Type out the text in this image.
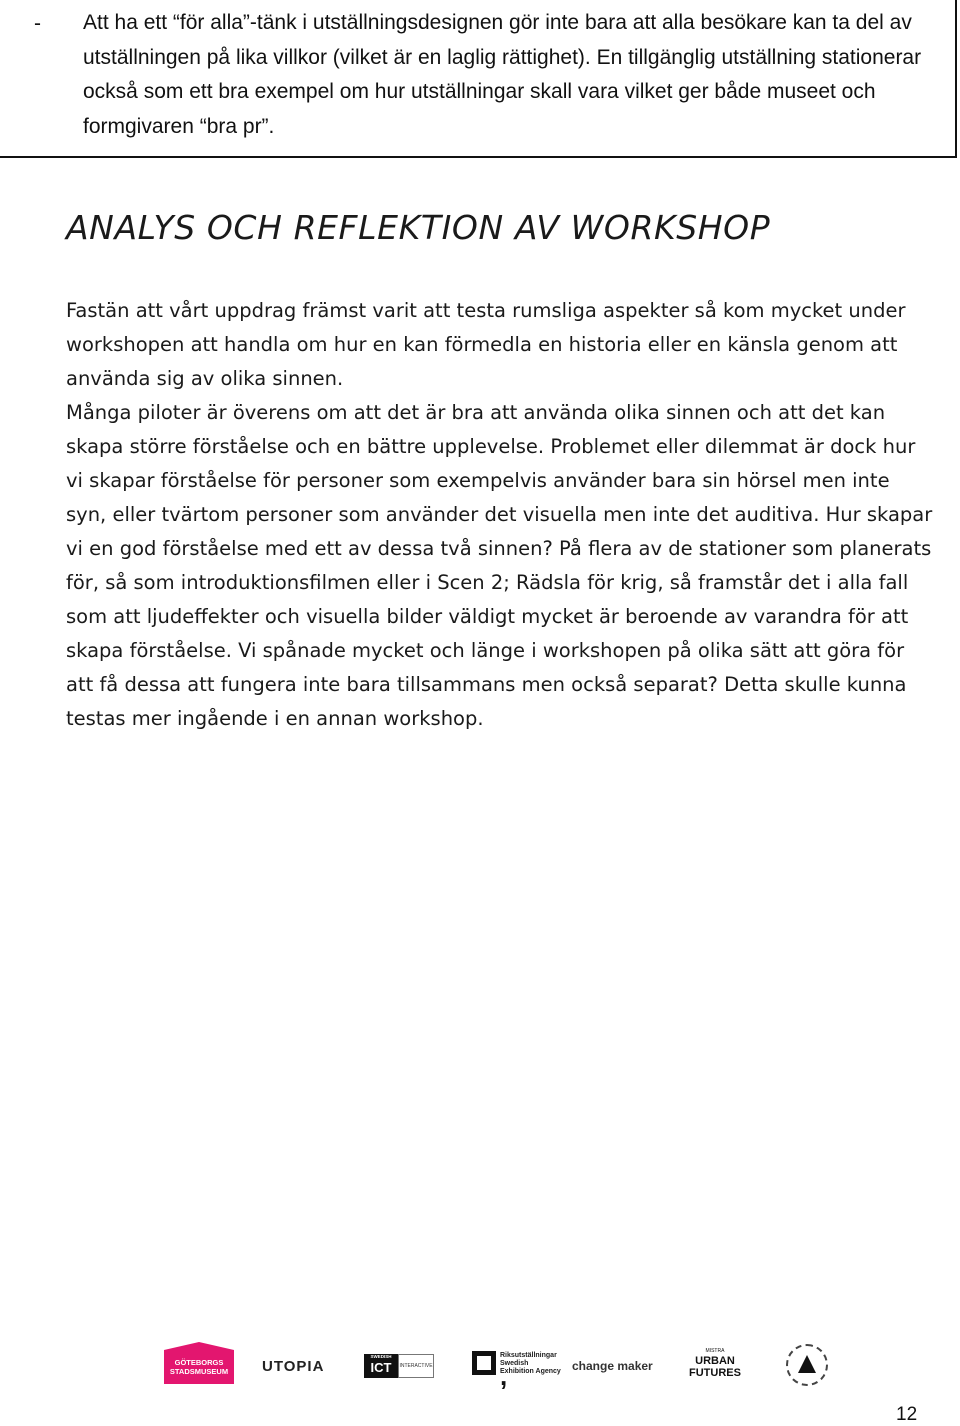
- Att ha ett “för alla”-tänk i utställningsdesignen gör inte bara att alla besökare kan ta del av utställningen på lika villkor (vilket är en laglig rättighet). En tillgänglig utställning stationerar också som ett bra exempel om hur utställningar skall vara vilket ger både museet och formgivaren “bra pr”.
ANALYS OCH REFLEKTION AV WORKSHOP

Fastän att vårt uppdrag främst varit att testa rumsliga aspekter så kom mycket under workshopen att handla om hur en kan förmedla en historia eller en känsla genom att använda sig av olika sinnen.

Många piloter är överens om att det är bra att använda olika sinnen och att det kan skapa större förståelse och en bättre upplevelse. Problemet eller dilemmat är dock hur vi skapar förståelse för personer som exempelvis använder bara sin hörsel men inte syn, eller tvärtom personer som använder det visuella men inte det auditiva. Hur skapar vi en god förståelse med ett av dessa två sinnen? På flera av de stationer som planerats för, så som introduktionsfilmen eller i Scen 2; Rädsla för krig, så framstår det i alla fall som att ljudeffekter och visuella bilder väldigt mycket är beroende av varandra för att skapa förståelse. Vi spånade mycket och länge i workshopen på olika sätt att göra för att få dessa att fungera inte bara tillsammans men också separat? Detta skulle kunna testas mer ingående i en annan workshop.

GÖTEBORGS STADSMUSEUM	UTOPIA
SWEDISH
ICT	INTERACTIVE	,
Riksutställningar Swedish Exhibition Agency change maker
MISTRA
URBAN
FUTURES
12
